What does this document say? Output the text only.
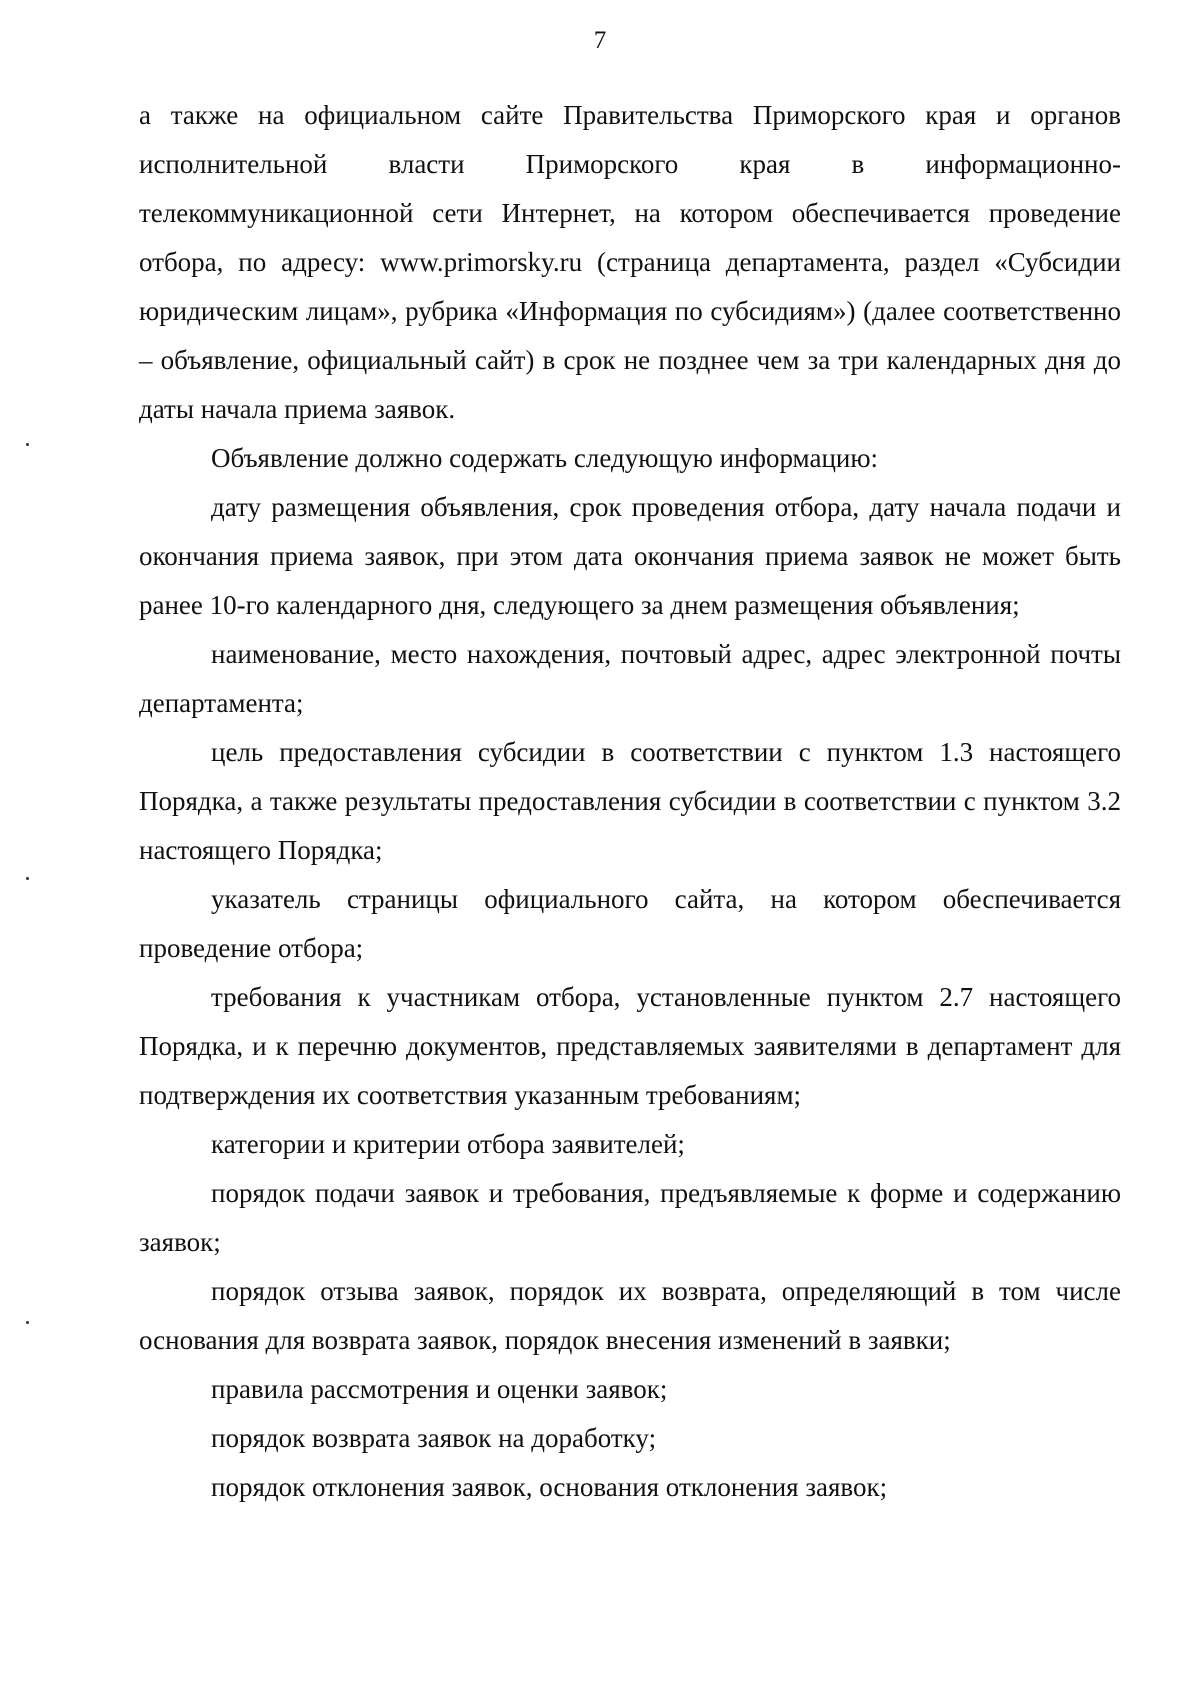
7

а также на официальном сайте Правительства Приморского края и органов исполнительной власти Приморского края в информационно-телекоммуникационной сети Интернет, на котором обеспечивается проведение отбора, по адресу: www.primorsky.ru (страница департамента, раздел «Субсидии юридическим лицам», рубрика «Информация по субсидиям») (далее соответственно – объявление, официальный сайт) в срок не позднее чем за три календарных дня до даты начала приема заявок.

Объявление должно содержать следующую информацию:

дату размещения объявления, срок проведения отбора, дату начала подачи и окончания приема заявок, при этом дата окончания приема заявок не может быть ранее 10-го календарного дня, следующего за днем размещения объявления;

наименование, место нахождения, почтовый адрес, адрес электронной почты департамента;

цель предоставления субсидии в соответствии с пунктом 1.3 настоящего Порядка, а также результаты предоставления субсидии в соответствии с пунктом 3.2 настоящего Порядка;

указатель страницы официального сайта, на котором обеспечивается проведение отбора;

требования к участникам отбора, установленные пунктом 2.7 настоящего Порядка, и к перечню документов, представляемых заявителями в департамент для подтверждения их соответствия указанным требованиям;

категории и критерии отбора заявителей;

порядок подачи заявок и требования, предъявляемые к форме и содержанию заявок;

порядок отзыва заявок, порядок их возврата, определяющий в том числе основания для возврата заявок, порядок внесения изменений в заявки;

правила рассмотрения и оценки заявок;

порядок возврата заявок на доработку;

порядок отклонения заявок, основания отклонения заявок;
